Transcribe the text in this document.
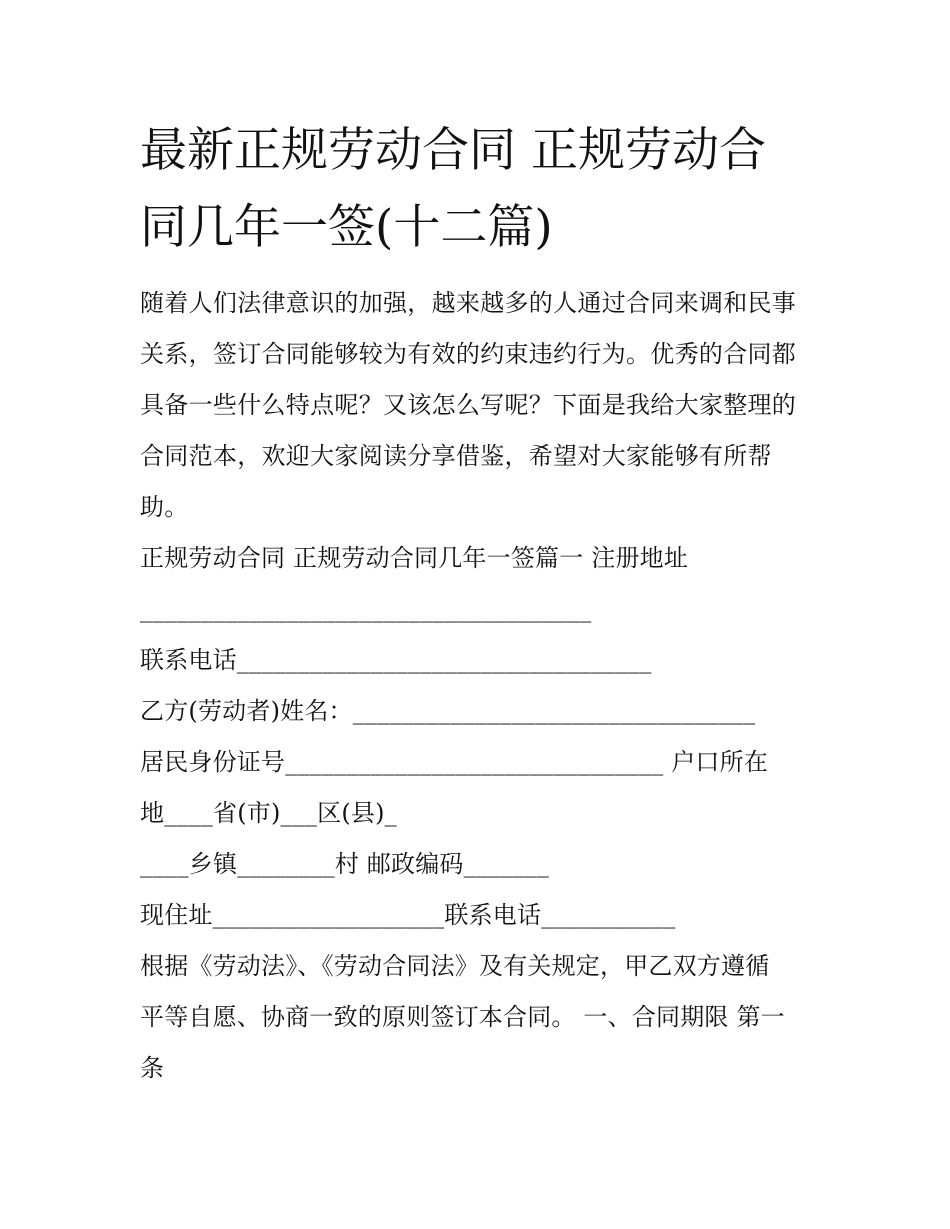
最新正规劳动合同 正规劳动合
同几年一签(十二篇)
随着人们法律意识的加强，越来越多的人通过合同来调和民事关系，签订合同能够较为有效的约束违约行为。优秀的合同都具备一些什么特点呢？又该怎么写呢？下面是我给大家整理的合同范本，欢迎大家阅读分享借鉴，希望对大家能够有所帮助。
正规劳动合同 正规劳动合同几年一签篇一 注册地址
_____________________________________
联系电话__________________________________
乙方(劳动者)姓名：_________________________________
居民身份证号_______________________________ 户口所在
地____省(市)___区(县)_
____乡镇________村 邮政编码_______
现住址___________________联系电话___________
根据《劳动法》、《劳动合同法》及有关规定，甲乙双方遵循
平等自愿、协商一致的原则签订本合同。 一、合同期限 第一
条
